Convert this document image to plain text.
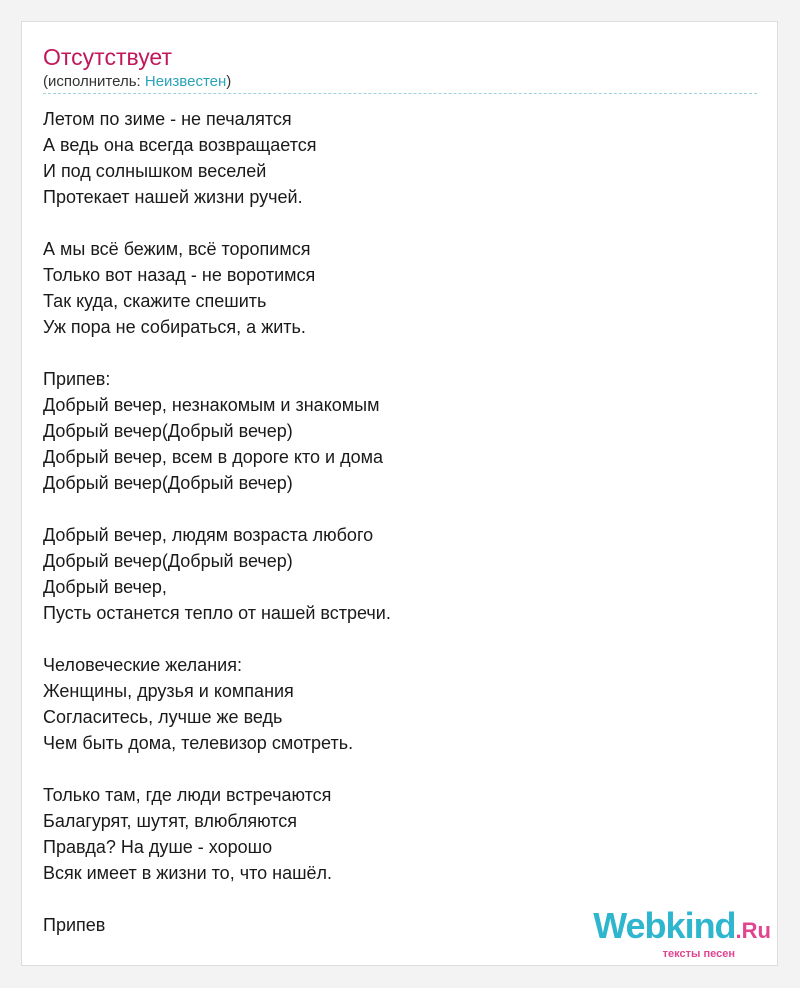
Отсутствует
(исполнитель: Неизвестен)
Летом по зиме - не печалятся
А ведь она всегда возвращается
И под солнышком веселей
Протекает нашей жизни ручей.
А мы всё бежим, всё торопимся
Только вот назад - не воротимся
Так куда, скажите спешить
Уж пора не собираться, а жить.
Припев:
Добрый вечер, незнакомым и знакомым
Добрый вечер(Добрый вечер)
Добрый вечер, всем в дороге кто и дома
Добрый вечер(Добрый вечер)
Добрый вечер, людям возраста любого
Добрый вечер(Добрый вечер)
Добрый вечер,
Пусть останется тепло от нашей встречи.
Человеческие желания:
Женщины, друзья и компания
Согласитесь, лучше же ведь
Чем быть дома, телевизор смотреть.
Только там, где люди встречаются
Балагурят, шутят, влюбляются
Правда? На душе - хорошо
Всяк имеет в жизни то, что нашёл.
Припев	Webkind.Ru
тексты песен
